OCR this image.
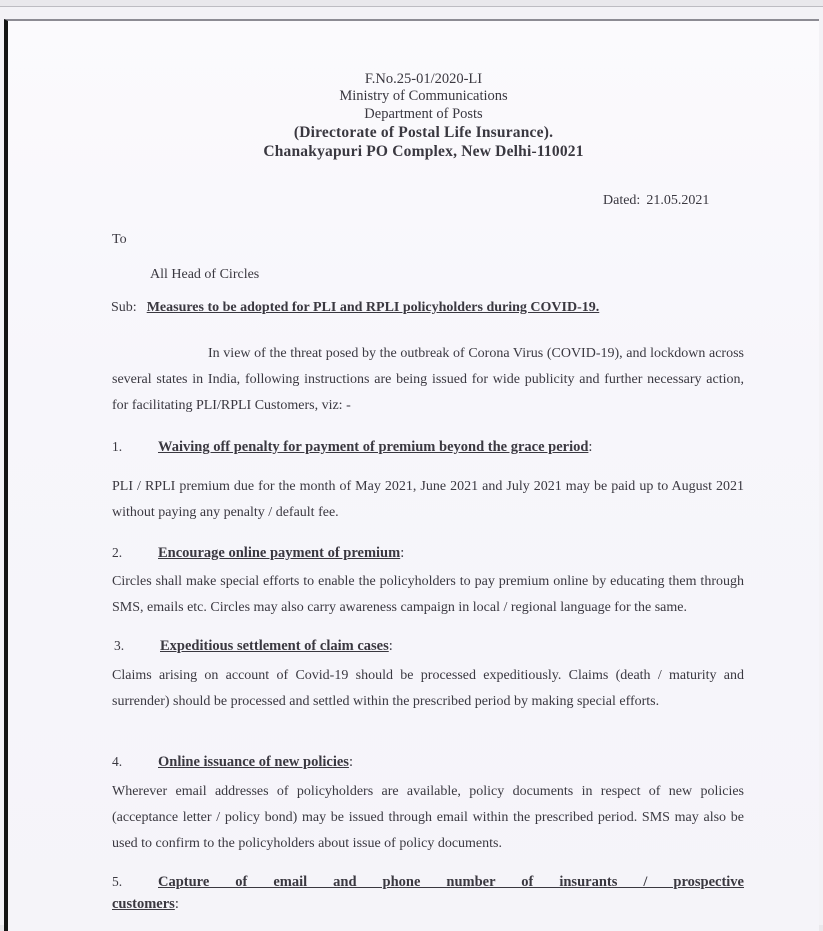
F.No.25-01/2020-LI
Ministry of Communications
Department of Posts
(Directorate of Postal Life Insurance).
Chanakyapuri PO Complex, New Delhi-110021
Dated: 21.05.2021
To
All Head of Circles
Sub: Measures to be adopted for PLI and RPLI policyholders during COVID-19.
In view of the threat posed by the outbreak of Corona Virus (COVID-19), and lockdown across several states in India, following instructions are being issued for wide publicity and further necessary action, for facilitating PLI/RPLI Customers, viz: -
1. Waiving off penalty for payment of premium beyond the grace period:
PLI / RPLI premium due for the month of May 2021, June 2021 and July 2021 may be paid up to August 2021 without paying any penalty / default fee.
2. Encourage online payment of premium:
Circles shall make special efforts to enable the policyholders to pay premium online by educating them through SMS, emails etc. Circles may also carry awareness campaign in local / regional language for the same.
3. Expeditious settlement of claim cases:
Claims arising on account of Covid-19 should be processed expeditiously. Claims (death / maturity and surrender) should be processed and settled within the prescribed period by making special efforts.
4. Online issuance of new policies:
Wherever email addresses of policyholders are available, policy documents in respect of new policies (acceptance letter / policy bond) may be issued through email within the prescribed period. SMS may also be used to confirm to the policyholders about issue of policy documents.
5. Capture of email and phone number of insurants / prospective
customers:
